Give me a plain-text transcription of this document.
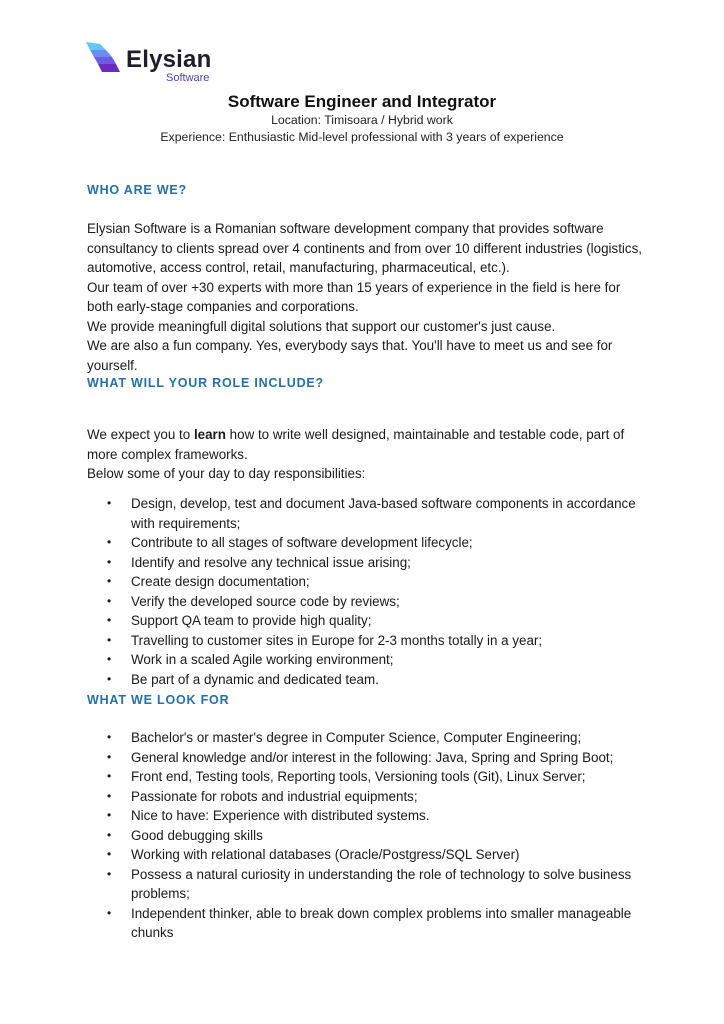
Elysian
Software
Software Engineer and Integrator
Location: Timisoara / Hybrid work
Experience: Enthusiastic Mid-level professional with 3 years of experience
WHO ARE WE?

Elysian Software is a Romanian software development company that provides software consultancy to clients spread over 4 continents and from over 10 different industries (logistics, automotive, access control, retail, manufacturing, pharmaceutical, etc.).

Our team of over +30 experts with more than 15 years of experience in the field is here for both early-stage companies and corporations.

We provide meaningfull digital solutions that support our customer's just cause.

We are also a fun company. Yes, everybody says that. You'll have to meet us and see for yourself.

WHAT WILL YOUR ROLE INCLUDE?

We expect you to learn how to write well designed, maintainable and testable code, part of more complex frameworks.

Below some of your day to day responsibilities:

• Design, develop, test and document Java-based software components in accordance with requirements;
• Contribute to all stages of software development lifecycle;
• Identify and resolve any technical issue arising;
• Create design documentation;
• Verify the developed source code by reviews;
• Support QA team to provide high quality;
• Travelling to customer sites in Europe for 2-3 months totally in a year;
• Work in a scaled Agile working environment;
• Be part of a dynamic and dedicated team.
WHAT WE LOOK FOR
• Bachelor's or master's degree in Computer Science, Computer Engineering;
• General knowledge and/or interest in the following: Java, Spring and Spring Boot;
• Front end, Testing tools, Reporting tools, Versioning tools (Git), Linux Server;
• Passionate for robots and industrial equipments;
• Nice to have: Experience with distributed systems.
• Good debugging skills
• Working with relational databases (Oracle/Postgress/SQL Server)
• Possess a natural curiosity in understanding the role of technology to solve business problems;
• Independent thinker, able to break down complex problems into smaller manageable chunks
